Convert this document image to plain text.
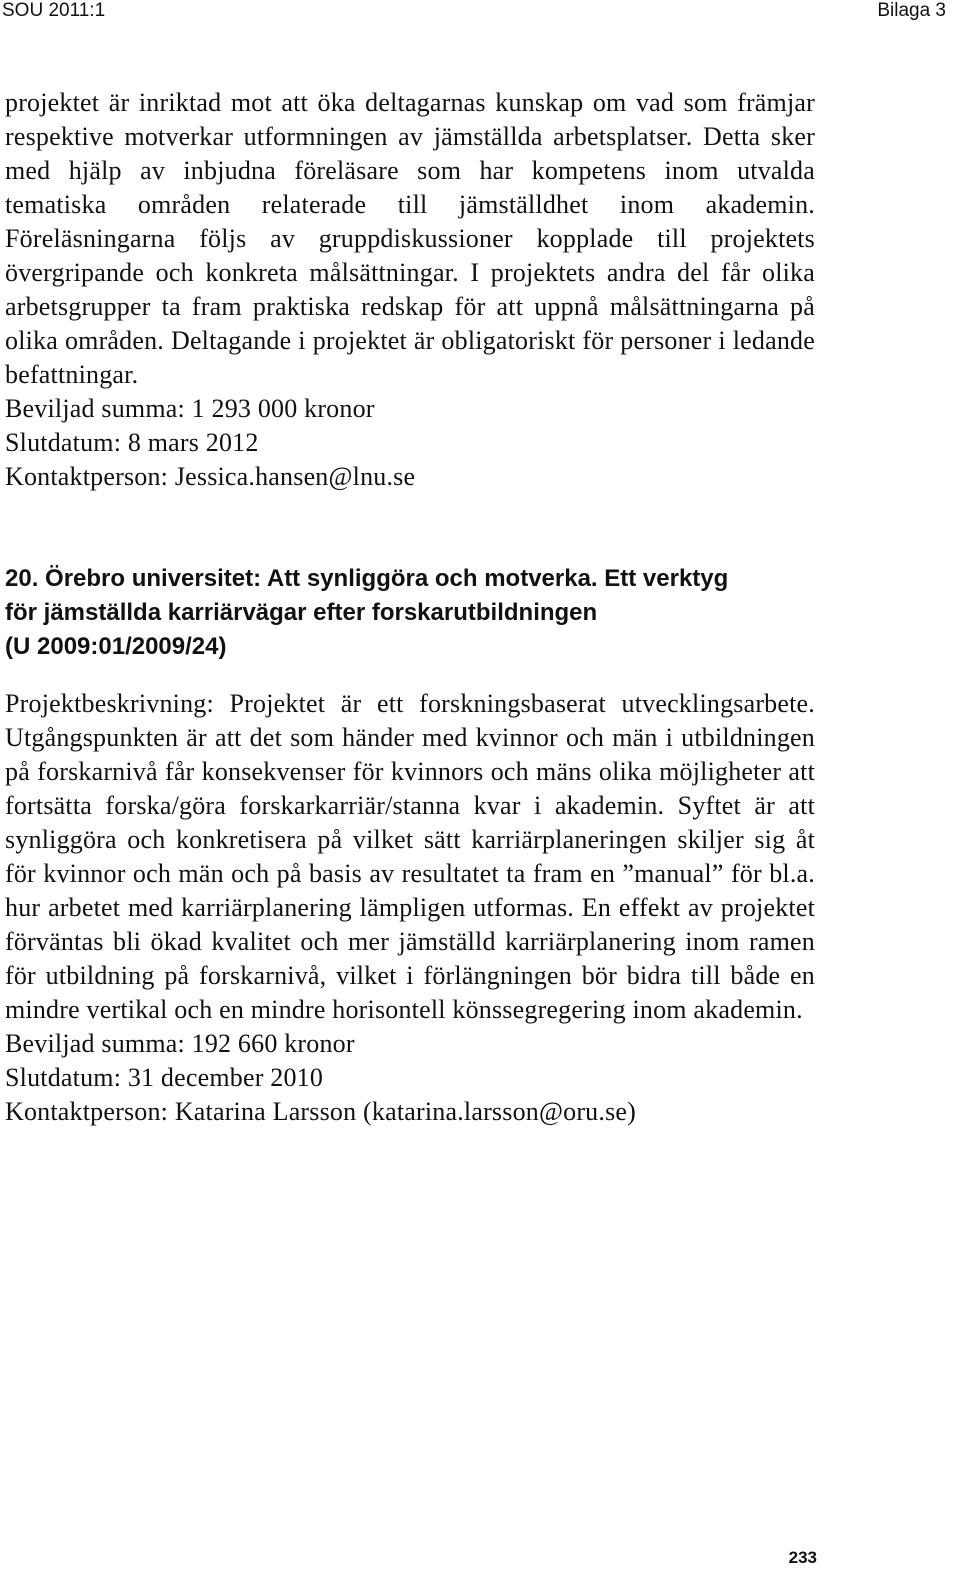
SOU 2011:1	Bilaga 3

projektet är inriktad mot att öka deltagarnas kunskap om vad som främjar respektive motverkar utformningen av jämställda arbetsplatser. Detta sker med hjälp av inbjudna föreläsare som har kompetens inom utvalda tematiska områden relaterade till jämställdhet inom akademin. Föreläsningarna följs av gruppdiskussioner kopplade till projektets övergripande och konkreta målsättningar. I projektets andra del får olika arbetsgrupper ta fram praktiska redskap för att uppnå målsättningarna på olika områden. Deltagande i projektet är obligatoriskt för personer i ledande befattningar.

Beviljad summa: 1 293 000 kronor
Slutdatum: 8 mars 2012
Kontaktperson: Jessica.hansen@lnu.se
20. Örebro universitet: Att synliggöra och motverka. Ett verktyg
för jämställda karriärvägar efter forskarutbildningen
(U 2009:01/2009/24)

Projektbeskrivning: Projektet är ett forskningsbaserat utvecklingsarbete. Utgångspunkten är att det som händer med kvinnor och män i utbildningen på forskarnivå får konsekvenser för kvinnors och mäns olika möjligheter att fortsätta forska/göra forskarkarriär/stanna kvar i akademin. Syftet är att synliggöra och konkretisera på vilket sätt karriärplaneringen skiljer sig åt för kvinnor och män och på basis av resultatet ta fram en ”manual” för bl.a. hur arbetet med karriärplanering lämpligen utformas. En effekt av projektet förväntas bli ökad kvalitet och mer jämställd karriärplanering inom ramen för utbildning på forskarnivå, vilket i förlängningen bör bidra till både en mindre vertikal och en mindre horisontell könssegregering inom akademin.

Beviljad summa: 192 660 kronor
Slutdatum: 31 december 2010
Kontaktperson: Katarina Larsson (katarina.larsson@oru.se)
233
